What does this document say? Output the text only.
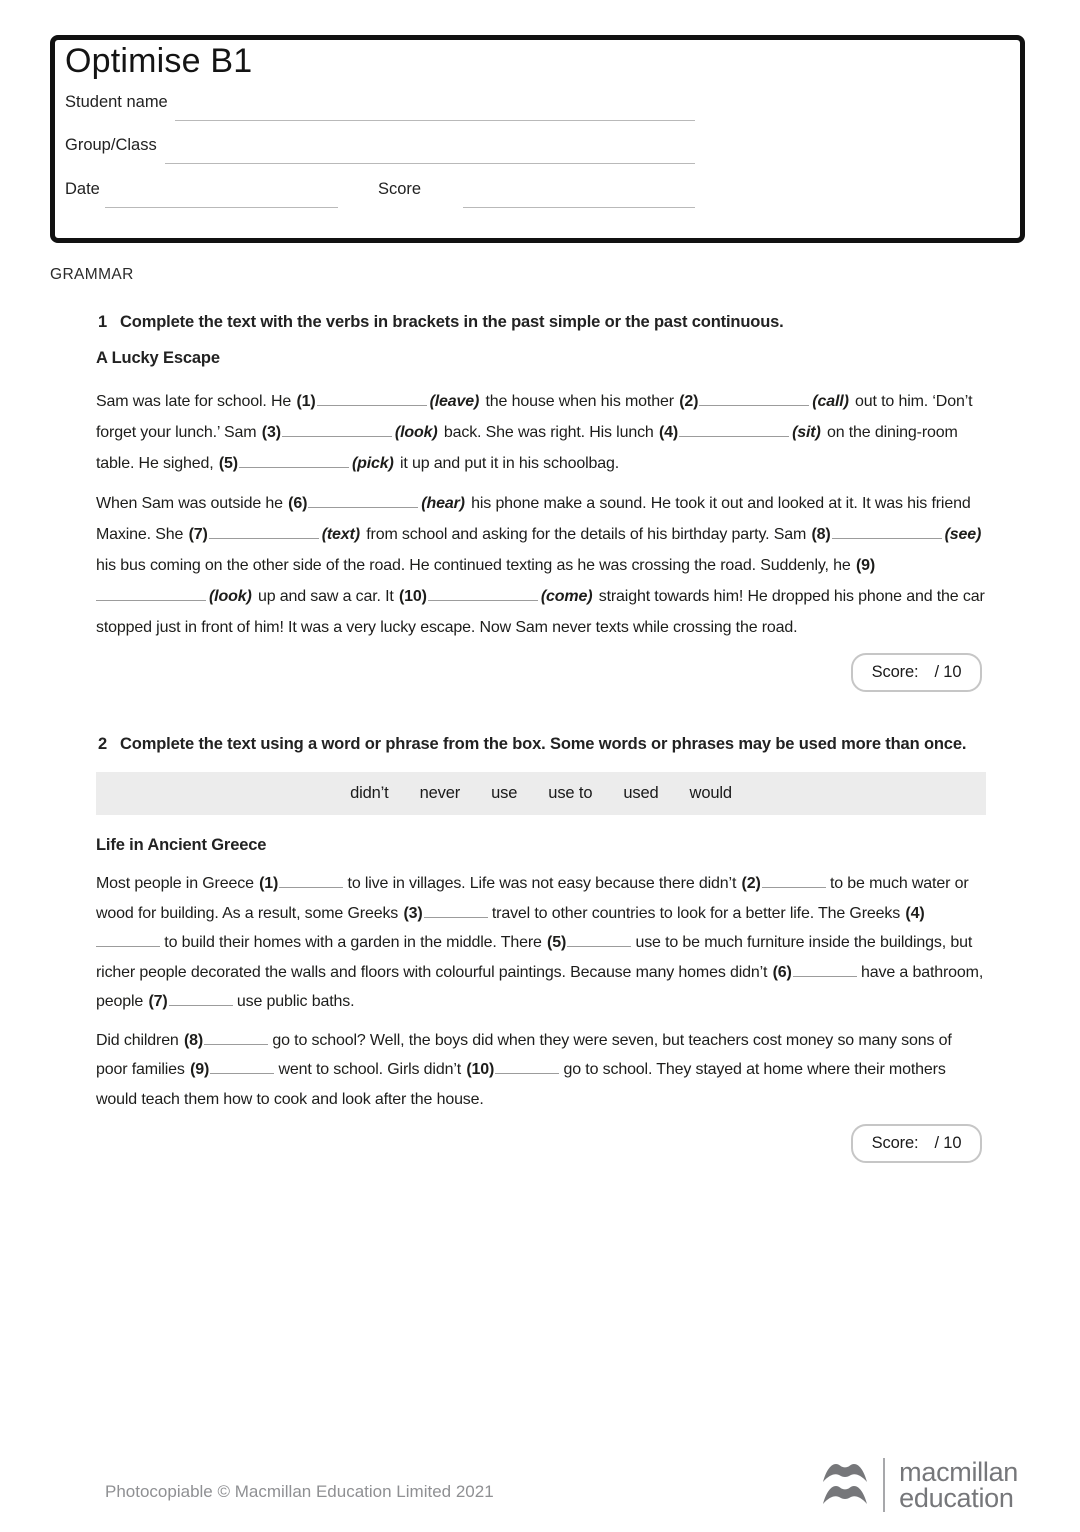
Optimise B1
Student name
Group/Class
Date	Score
GRAMMAR
1 Complete the text with the verbs in brackets in the past simple or the past continuous.
A Lucky Escape

Sam was late for school. He (1)	(leave) the house when his mother (2)	(call) out to him. ‘Don’t forget your lunch.’ Sam (3)	(look) back. She was right. His lunch (4)	(sit) on the dining-room table. He sighed, (5)	(pick) it up and put it in his schoolbag.

When Sam was outside he (6)	(hear) his phone make a sound. He took it out and looked at it. It was his friend Maxine. She (7)	(text) from school and asking for the details of his birthday party. Sam (8)	(see) his bus coming on the other side of the road. He continued texting as he was crossing the road. Suddenly, he (9)(look) up and saw a car. It (10)	(come) straight towards him! He dropped his phone and the car stopped just in front of him! It was a very lucky escape. Now Sam never texts while crossing the road.

Score: / 10
2 Complete the text using a word or phrase from the box. Some words or phrases may be used more than once.
didn’t never use use to used would
Life in Ancient Greece

Most people in Greece (1)	to live in villages. Life was not easy because there didn’t (2)	to be much water or wood for building. As a result, some Greeks (3)	travel to other countries to look for a better life. The Greeks (4) to build their homes with a garden in the middle. There (5)	use to be much furniture inside the buildings, but richer people decorated the walls and floors with colourful paintings. Because many homes didn’t (6)	have a bathroom, people (7)	use public baths.

Did children (8)	go to school? Well, the boys did when they were seven, but teachers cost money so many sons of poor families (9)	went to school. Girls didn’t (10)	go to school. They stayed at home where their mothers would teach them how to cook and look after the house.

Score: / 10
Photocopiable © Macmillan Education Limited 2021
macmillan
education
